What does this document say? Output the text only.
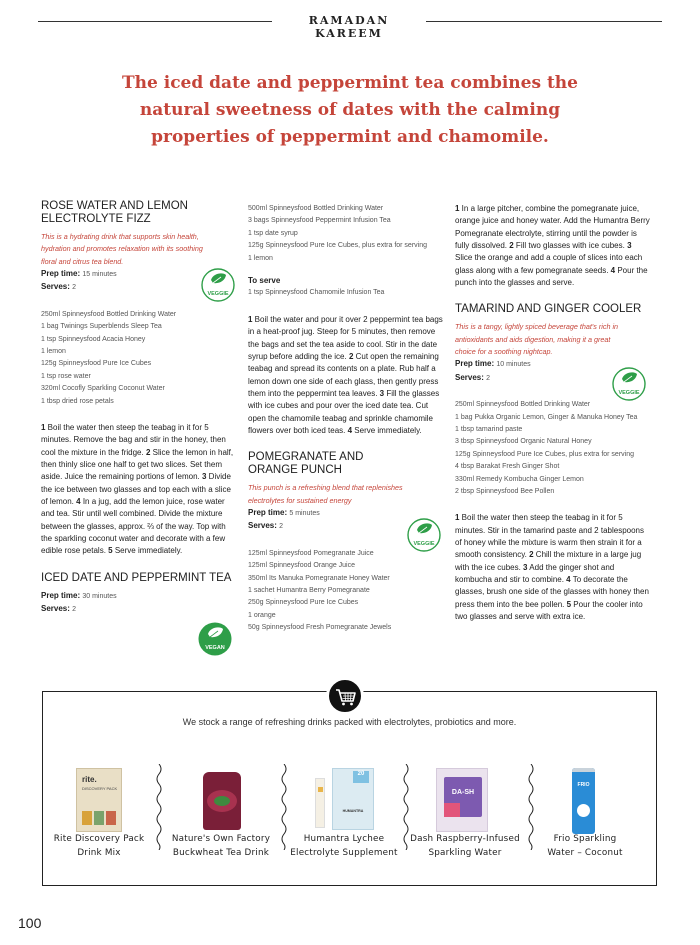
RAMADAN KAREEM
The iced date and peppermint tea combines the natural sweetness of dates with the calming properties of peppermint and chamomile.
ROSE WATER AND LEMON ELECTROLYTE FIZZ
This is a hydrating drink that supports skin health, hydration and promotes relaxation with its soothing floral and citrus tea blend.
Prep time: 15 minutes
Serves: 2
250ml Spinneysfood Bottled Drinking Water
1 bag Twinings Superblends Sleep Tea
1 tsp Spinneysfood Acacia Honey
1 lemon
125g Spinneysfood Pure Ice Cubes
1 tsp rose water
320ml Cocofly Sparkling Coconut Water
1 tbsp dried rose petals
1 Boil the water then steep the teabag in it for 5 minutes. Remove the bag and stir in the honey, then cool the mixture in the fridge. 2 Slice the lemon in half, then thinly slice one half to get two slices. Set them aside. Juice the remaining portions of lemon. 3 Divide the ice between two glasses and top each with a slice of lemon. 4 In a jug, add the lemon juice, rose water and tea. Stir until well combined. Divide the mixture between the glasses, approx. ⅔ of the way. Top with the sparkling coconut water and decorate with a few edible rose petals. 5 Serve immediately.
ICED DATE AND PEPPERMINT TEA
Prep time: 30 minutes
Serves: 2
VEGGIE
VEGAN
500ml Spinneysfood Bottled Drinking Water
3 bags Spinneysfood Peppermint Infusion Tea
1 tsp date syrup
125g Spinneysfood Pure Ice Cubes, plus extra for serving
1 lemon
To serve
1 tsp Spinneysfood Chamomile Infusion Tea
1 Boil the water and pour it over 2 peppermint tea bags in a heat-proof jug. Steep for 5 minutes, then remove the bags and set the tea aside to cool. Stir in the date syrup before adding the ice. 2 Cut open the remaining teabag and spread its contents on a plate. Rub half a lemon down one side of each glass, then gently press them into the peppermint tea leaves. 3 Fill the glasses with ice cubes and pour over the iced date tea. Cut open the chamomile teabag and sprinkle chamomile flowers over both iced teas. 4 Serve immediately.
POMEGRANATE AND ORANGE PUNCH
This punch is a refreshing blend that replenishes electrolytes for sustained energy
Prep time: 5 minutes
Serves: 2
125ml Spinneysfood Pomegranate Juice
125ml Spinneysfood Orange Juice
350ml Its Manuka Pomegranate Honey Water
1 sachet Humantra Berry Pomegranate
250g Spinneysfood Pure Ice Cubes
1 orange
50g Spinneysfood Fresh Pomegranate Jewels
VEGGIE
1 In a large pitcher, combine the pomegranate juice, orange juice and honey water. Add the Humantra Berry Pomegranate electrolyte, stirring until the powder is fully dissolved. 2 Fill two glasses with ice cubes. 3 Slice the orange and add a couple of slices into each glass along with a few pomegranate seeds. 4 Pour the punch into the glasses and serve.
TAMARIND AND GINGER COOLER
This is a tangy, lightly spiced beverage that's rich in antioxidants and aids digestion, making it a great choice for a soothing nightcap.
Prep time: 10 minutes
Serves: 2
250ml Spinneysfood Bottled Drinking Water
1 bag Pukka Organic Lemon, Ginger & Manuka Honey Tea
1 tbsp tamarind paste
3 tbsp Spinneysfood Organic Natural Honey
125g Spinneysfood Pure Ice Cubes, plus extra for serving
4 tbsp Barakat Fresh Ginger Shot
330ml Remedy Kombucha Ginger Lemon
2 tbsp Spinneysfood Bee Pollen
1 Boil the water then steep the teabag in it for 5 minutes. Stir in the tamarind paste and 2 tablespoons of honey while the mixture is warm then strain it for a smooth consistency. 2 Chill the mixture in a large jug with the ice cubes. 3 Add the ginger shot and kombucha and stir to combine. 4 To decorate the glasses, brush one side of the glasses with honey then press them into the bee pollen. 5 Pour the cooler into two glasses and serve with extra ice.
VEGGIE
We stock a range of refreshing drinks packed with electrolytes, probiotics and more.
rite.
DISCOVERY PACK
20
HUMANTRA
DA-SH
FRIO
Rite Discovery Pack
Drink Mix
Nature's Own Factory
Buckwheat Tea Drink
Humantra Lychee
Electrolyte Supplement
Dash Raspberry-Infused
Sparkling Water
Frio Sparkling
Water – Coconut
100
